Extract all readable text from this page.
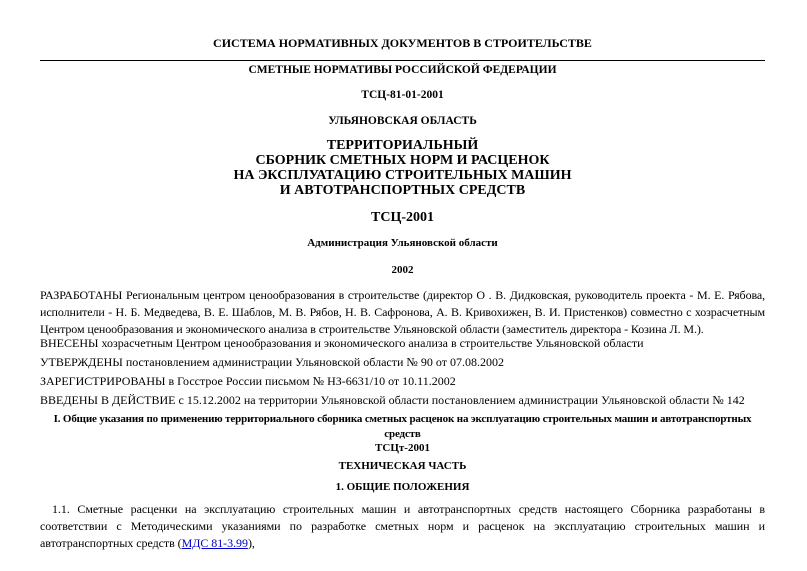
СИСТЕМА НОРМАТИВНЫХ ДОКУМЕНТОВ В СТРОИТЕЛЬСТВЕ
СМЕТНЫЕ НОРМАТИВЫ РОССИЙСКОЙ ФЕДЕРАЦИИ
ТСЦ-81-01-2001
УЛЬЯНОВСКАЯ ОБЛАСТЬ
ТЕРРИТОРИАЛЬНЫЙ
СБОРНИК СМЕТНЫХ НОРМ И РАСЦЕНОК
НА ЭКСПЛУАТАЦИЮ СТРОИТЕЛЬНЫХ МАШИН
И АВТОТРАНСПОРТНЫХ СРЕДСТВ
ТСЦ-2001
Администрация Ульяновской области
2002
РАЗРАБОТАНЫ Региональным центром ценообразования в строительстве (директор О . В. Дидковская, руководитель проекта - М. Е. Рябова, исполнители - Н. Б. Медведева, В. Е. Шаблов, М. В. Рябов, Н. В. Сафронова, А. В. Кривохижен, В. И. Пристенков) совместно с хозрасчетным Центром ценообразования и экономического анализа в строительстве Ульяновской области (заместитель директора - Козина Л. М.).
ВНЕСЕНЫ хозрасчетным Центром ценообразования и экономического анализа в строительстве Ульяновской области
УТВЕРЖДЕНЫ постановлением администрации Ульяновской области № 90 от 07.08.2002
ЗАРЕГИСТРИРОВАНЫ в Госстрое России письмом № НЗ-6631/10 от 10.11.2002
ВВЕДЕНЫ В ДЕЙСТВИЕ с 15.12.2002 на территории Ульяновской области постановлением администрации Ульяновской области № 142
I. Общие указания по применению территориального сборника сметных расценок на эксплуатацию строительных машин и автотранспортных
средств
ТСЦт-2001
ТЕХНИЧЕСКАЯ ЧАСТЬ
1. ОБЩИЕ ПОЛОЖЕНИЯ
1.1. Сметные расценки на эксплуатацию строительных машин и автотранспортных средств настоящего Сборника разработаны в соответствии с Методическими указаниями по разработке сметных норм и расценок на эксплуатацию строительных машин и автотранспортных средств (МДС 81-3.99),
